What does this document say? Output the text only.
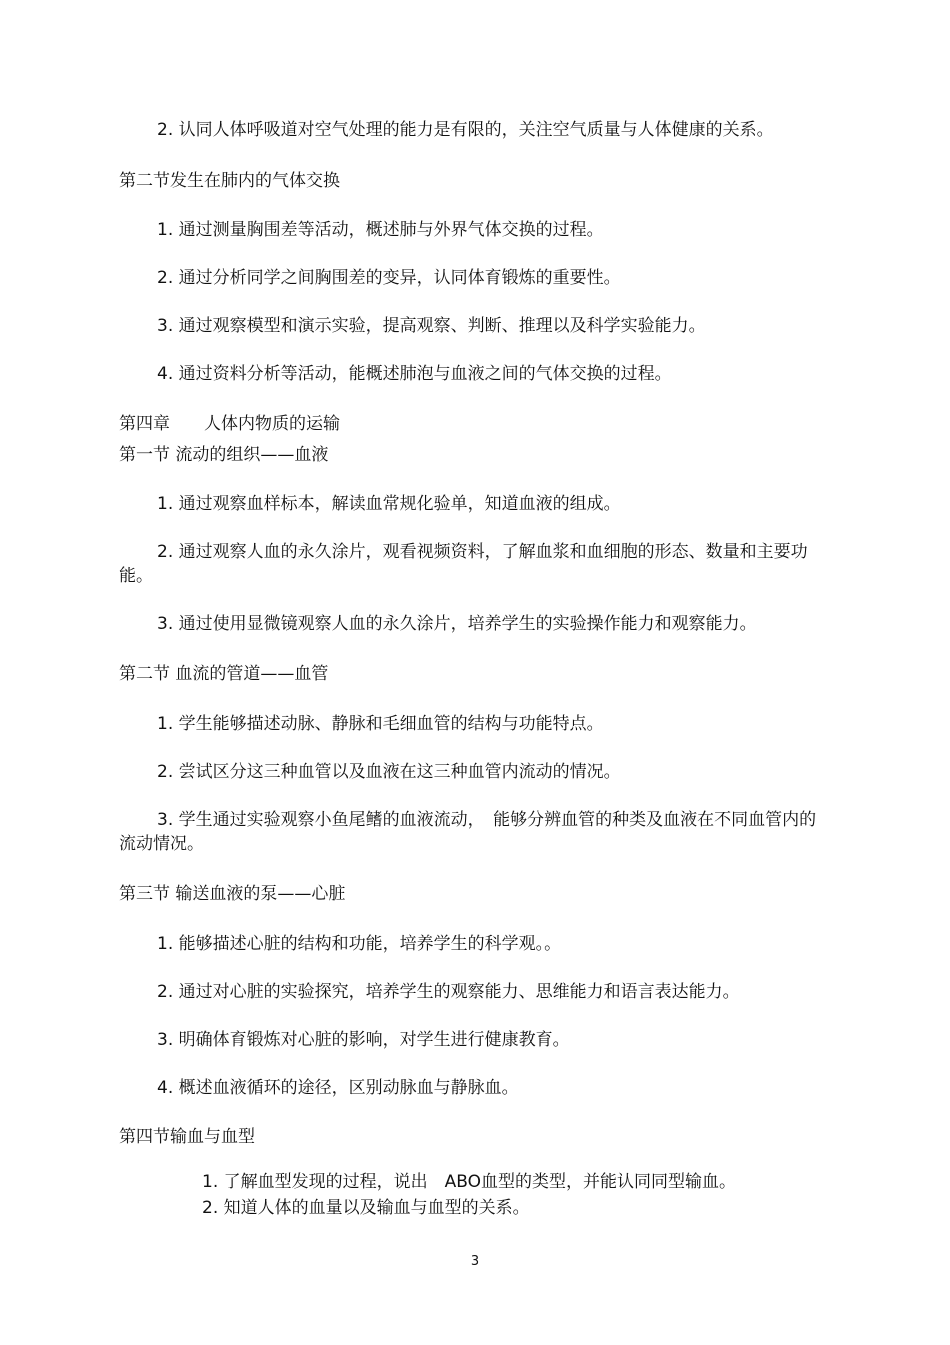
2. 认同人体呼吸道对空气处理的能力是有限的，关注空气质量与人体健康的关系。
第二节发生在肺内的气体交换
1. 通过测量胸围差等活动，概述肺与外界气体交换的过程。
2. 通过分析同学之间胸围差的变异，认同体育锻炼的重要性。
3. 通过观察模型和演示实验，提高观察、判断、推理以及科学实验能力。
4. 通过资料分析等活动，能概述肺泡与血液之间的气体交换的过程。
第四章　　人体内物质的运输
第一节 流动的组织——血液
1. 通过观察血样标本，解读血常规化验单，知道血液的组成。
2. 通过观察人血的永久涂片，观看视频资料，了解血浆和血细胞的形态、数量和主要功能。
3. 通过使用显微镜观察人血的永久涂片，培养学生的实验操作能力和观察能力。
第二节 血流的管道——血管
1. 学生能够描述动脉、静脉和毛细血管的结构与功能特点。
2. 尝试区分这三种血管以及血液在这三种血管内流动的情况。
3. 学生通过实验观察小鱼尾鳍的血液流动，　能够分辨血管的种类及血液在不同血管内的流动情况。
第三节 输送血液的泵——心脏
1. 能够描述心脏的结构和功能，培养学生的科学观。。
2. 通过对心脏的实验探究，培养学生的观察能力、思维能力和语言表达能力。
3. 明确体育锻炼对心脏的影响，对学生进行健康教育。
4. 概述血液循环的途径，区别动脉血与静脉血。
第四节输血与血型
1. 了解血型发现的过程，说出　ABO血型的类型，并能认同同型输血。
2. 知道人体的血量以及输血与血型的关系。
3
